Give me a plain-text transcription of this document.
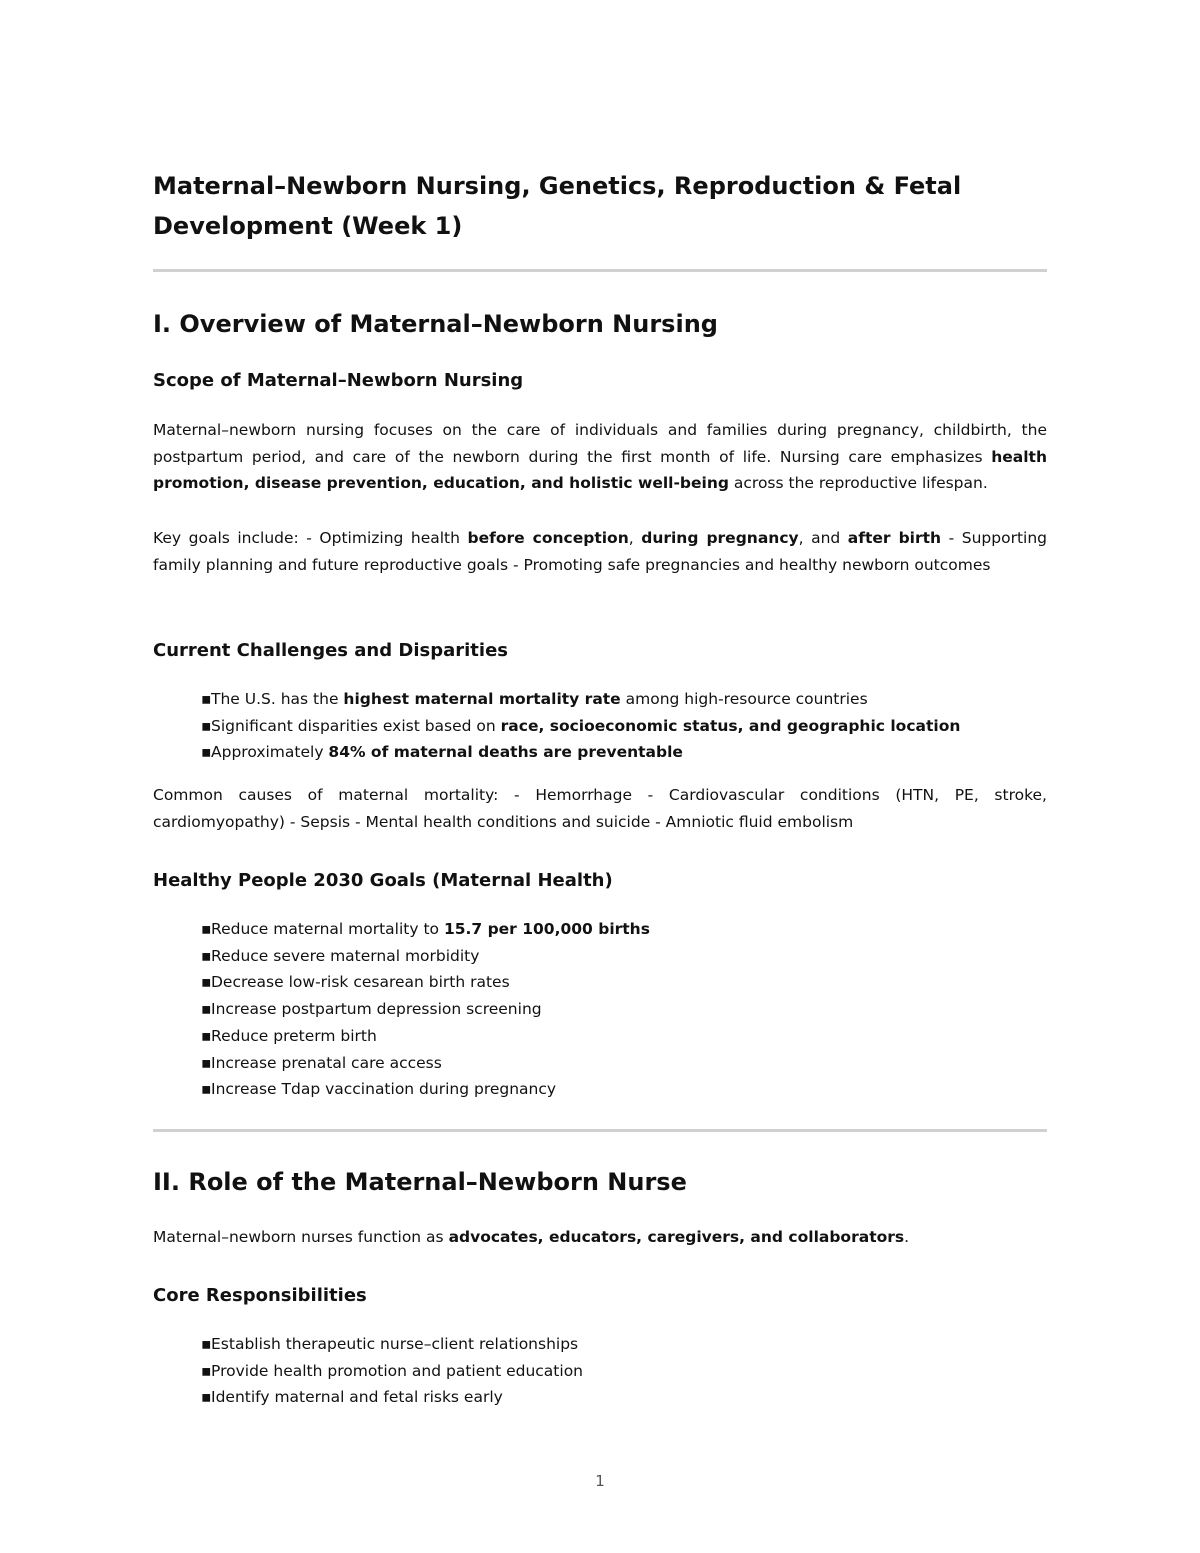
Maternal–Newborn Nursing, Genetics, Reproduction & Fetal Development (Week 1)
I. Overview of Maternal–Newborn Nursing
Scope of Maternal–Newborn Nursing

Maternal–newborn nursing focuses on the care of individuals and families during pregnancy, childbirth, the postpartum period, and care of the newborn during the first month of life. Nursing care emphasizes health promotion, disease prevention, education, and holistic well-being across the reproductive lifespan.

Key goals include: - Optimizing health before conception, during pregnancy, and after birth - Supporting family planning and future reproductive goals - Promoting safe pregnancies and healthy newborn outcomes

Current Challenges and Disparities
▪The U.S. has the highest maternal mortality rate among high-resource countries
▪Significant disparities exist based on race, socioeconomic status, and geographic location
▪Approximately 84% of maternal deaths are preventable

Common causes of maternal mortality: - Hemorrhage - Cardiovascular conditions (HTN, PE, stroke, cardiomyopathy) - Sepsis - Mental health conditions and suicide - Amniotic fluid embolism

Healthy People 2030 Goals (Maternal Health)
▪Reduce maternal mortality to 15.7 per 100,000 births
▪Reduce severe maternal morbidity
▪Decrease low-risk cesarean birth rates
▪Increase postpartum depression screening
▪Reduce preterm birth
▪Increase prenatal care access
▪Increase Tdap vaccination during pregnancy
II. Role of the Maternal–Newborn Nurse

Maternal–newborn nurses function as advocates, educators, caregivers, and collaborators.

Core Responsibilities
▪Establish therapeutic nurse–client relationships
▪Provide health promotion and patient education
▪Identify maternal and fetal risks early
1
